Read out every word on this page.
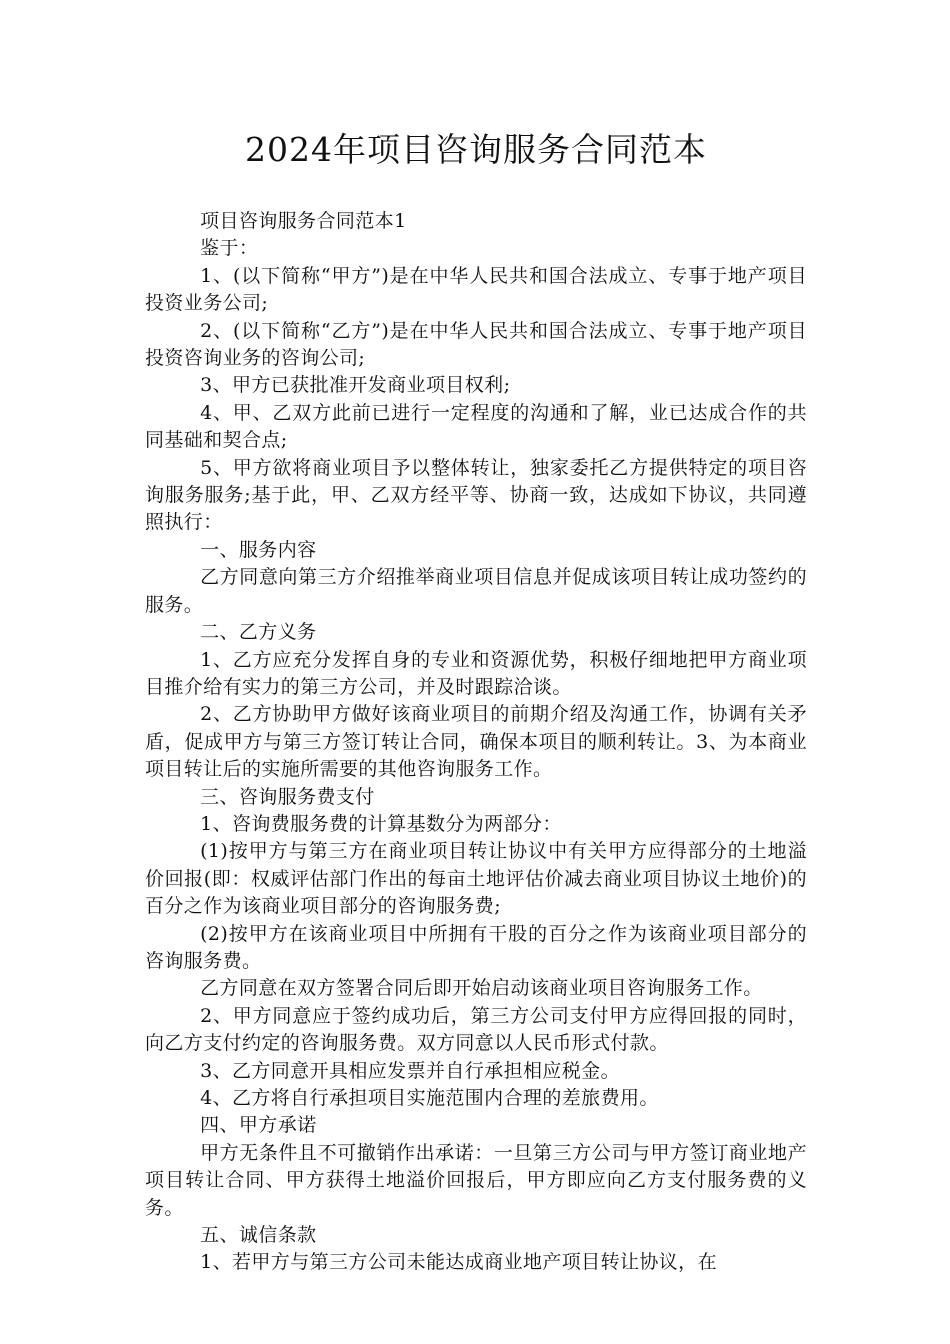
2024年项目咨询服务合同范本

项目咨询服务合同范本1

鉴于：

1、(以下简称“甲方”)是在中华人民共和国合法成立、专事于地产项目投资业务公司;

2、(以下简称“乙方”)是在中华人民共和国合法成立、专事于地产项目投资咨询业务的咨询公司;

3、甲方已获批准开发商业项目权利;

4、甲、乙双方此前已进行一定程度的沟通和了解，业已达成合作的共同基础和契合点;

5、甲方欲将商业项目予以整体转让，独家委托乙方提供特定的项目咨询服务服务;基于此，甲、乙双方经平等、协商一致，达成如下协议，共同遵照执行：

一、服务内容

乙方同意向第三方介绍推举商业项目信息并促成该项目转让成功签约的服务。

二、乙方义务

1、乙方应充分发挥自身的专业和资源优势，积极仔细地把甲方商业项目推介给有实力的第三方公司，并及时跟踪洽谈。

2、乙方协助甲方做好该商业项目的前期介绍及沟通工作，协调有关矛盾，促成甲方与第三方签订转让合同，确保本项目的顺利转让。3、为本商业项目转让后的实施所需要的其他咨询服务工作。

三、咨询服务费支付

1、咨询费服务费的计算基数分为两部分：

(1)按甲方与第三方在商业项目转让协议中有关甲方应得部分的土地溢价回报(即：权威评估部门作出的每亩土地评估价减去商业项目协议土地价)的百分之作为该商业项目部分的咨询服务费;

(2)按甲方在该商业项目中所拥有干股的百分之作为该商业项目部分的咨询服务费。

乙方同意在双方签署合同后即开始启动该商业项目咨询服务工作。

2、甲方同意应于签约成功后，第三方公司支付甲方应得回报的同时，向乙方支付约定的咨询服务费。双方同意以人民币形式付款。

3、乙方同意开具相应发票并自行承担相应税金。

4、乙方将自行承担项目实施范围内合理的差旅费用。

四、甲方承诺

甲方无条件且不可撤销作出承诺：一旦第三方公司与甲方签订商业地产项目转让合同、甲方获得土地溢价回报后，甲方即应向乙方支付服务费的义务。

五、诚信条款

1、若甲方与第三方公司未能达成商业地产项目转让协议，在
